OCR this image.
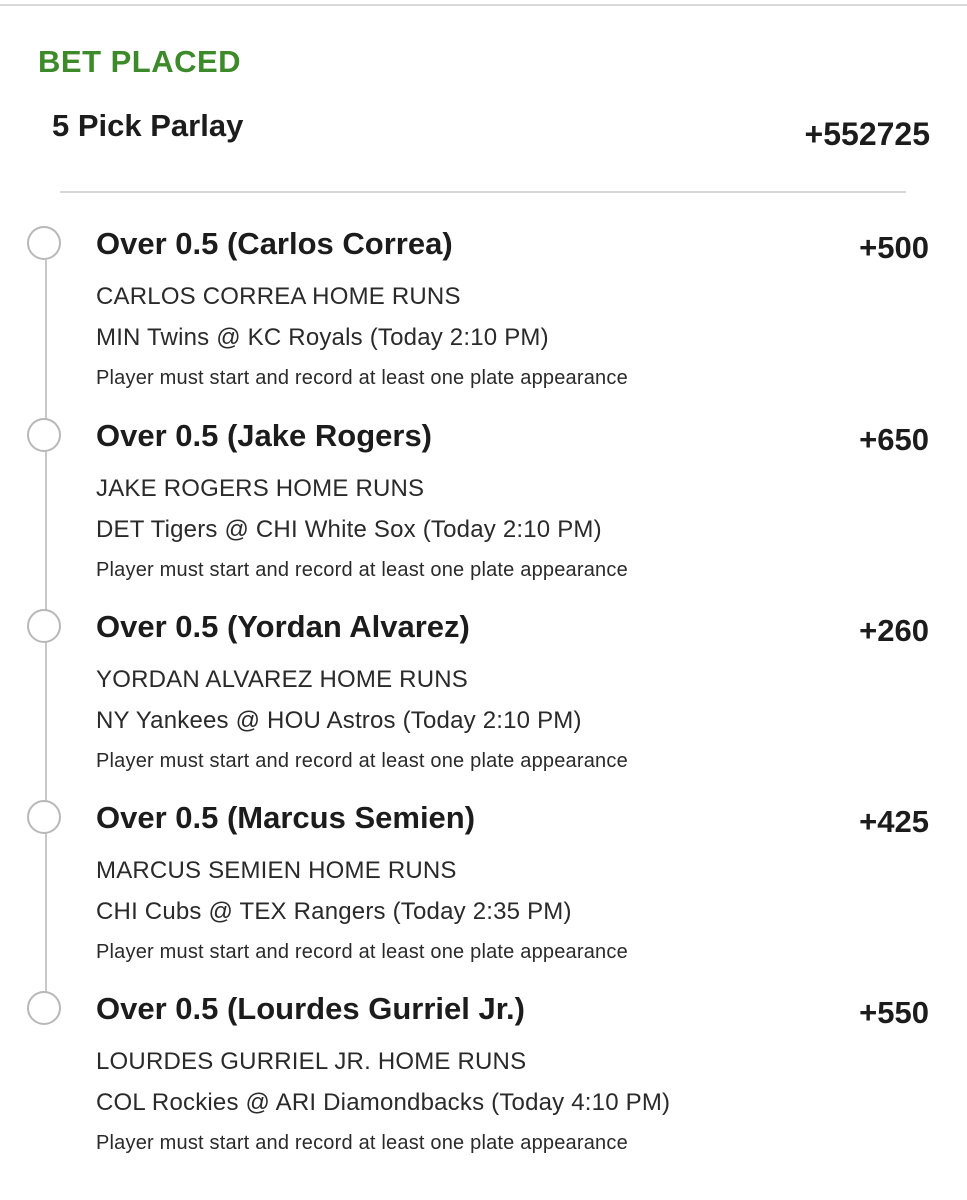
BET PLACED
5 Pick Parlay	+552725
Over 0.5 (Carlos Correa)	+500
CARLOS CORREA HOME RUNS
MIN Twins @ KC Royals (Today 2:10 PM)
Player must start and record at least one plate appearance
Over 0.5 (Jake Rogers)	+650
JAKE ROGERS HOME RUNS
DET Tigers @ CHI White Sox (Today 2:10 PM)
Player must start and record at least one plate appearance
Over 0.5 (Yordan Alvarez)	+260
YORDAN ALVAREZ HOME RUNS
NY Yankees @ HOU Astros (Today 2:10 PM)
Player must start and record at least one plate appearance
Over 0.5 (Marcus Semien)	+425
MARCUS SEMIEN HOME RUNS
CHI Cubs @ TEX Rangers (Today 2:35 PM)
Player must start and record at least one plate appearance
Over 0.5 (Lourdes Gurriel Jr.)	+550
LOURDES GURRIEL JR. HOME RUNS
COL Rockies @ ARI Diamondbacks (Today 4:10 PM)
Player must start and record at least one plate appearance
